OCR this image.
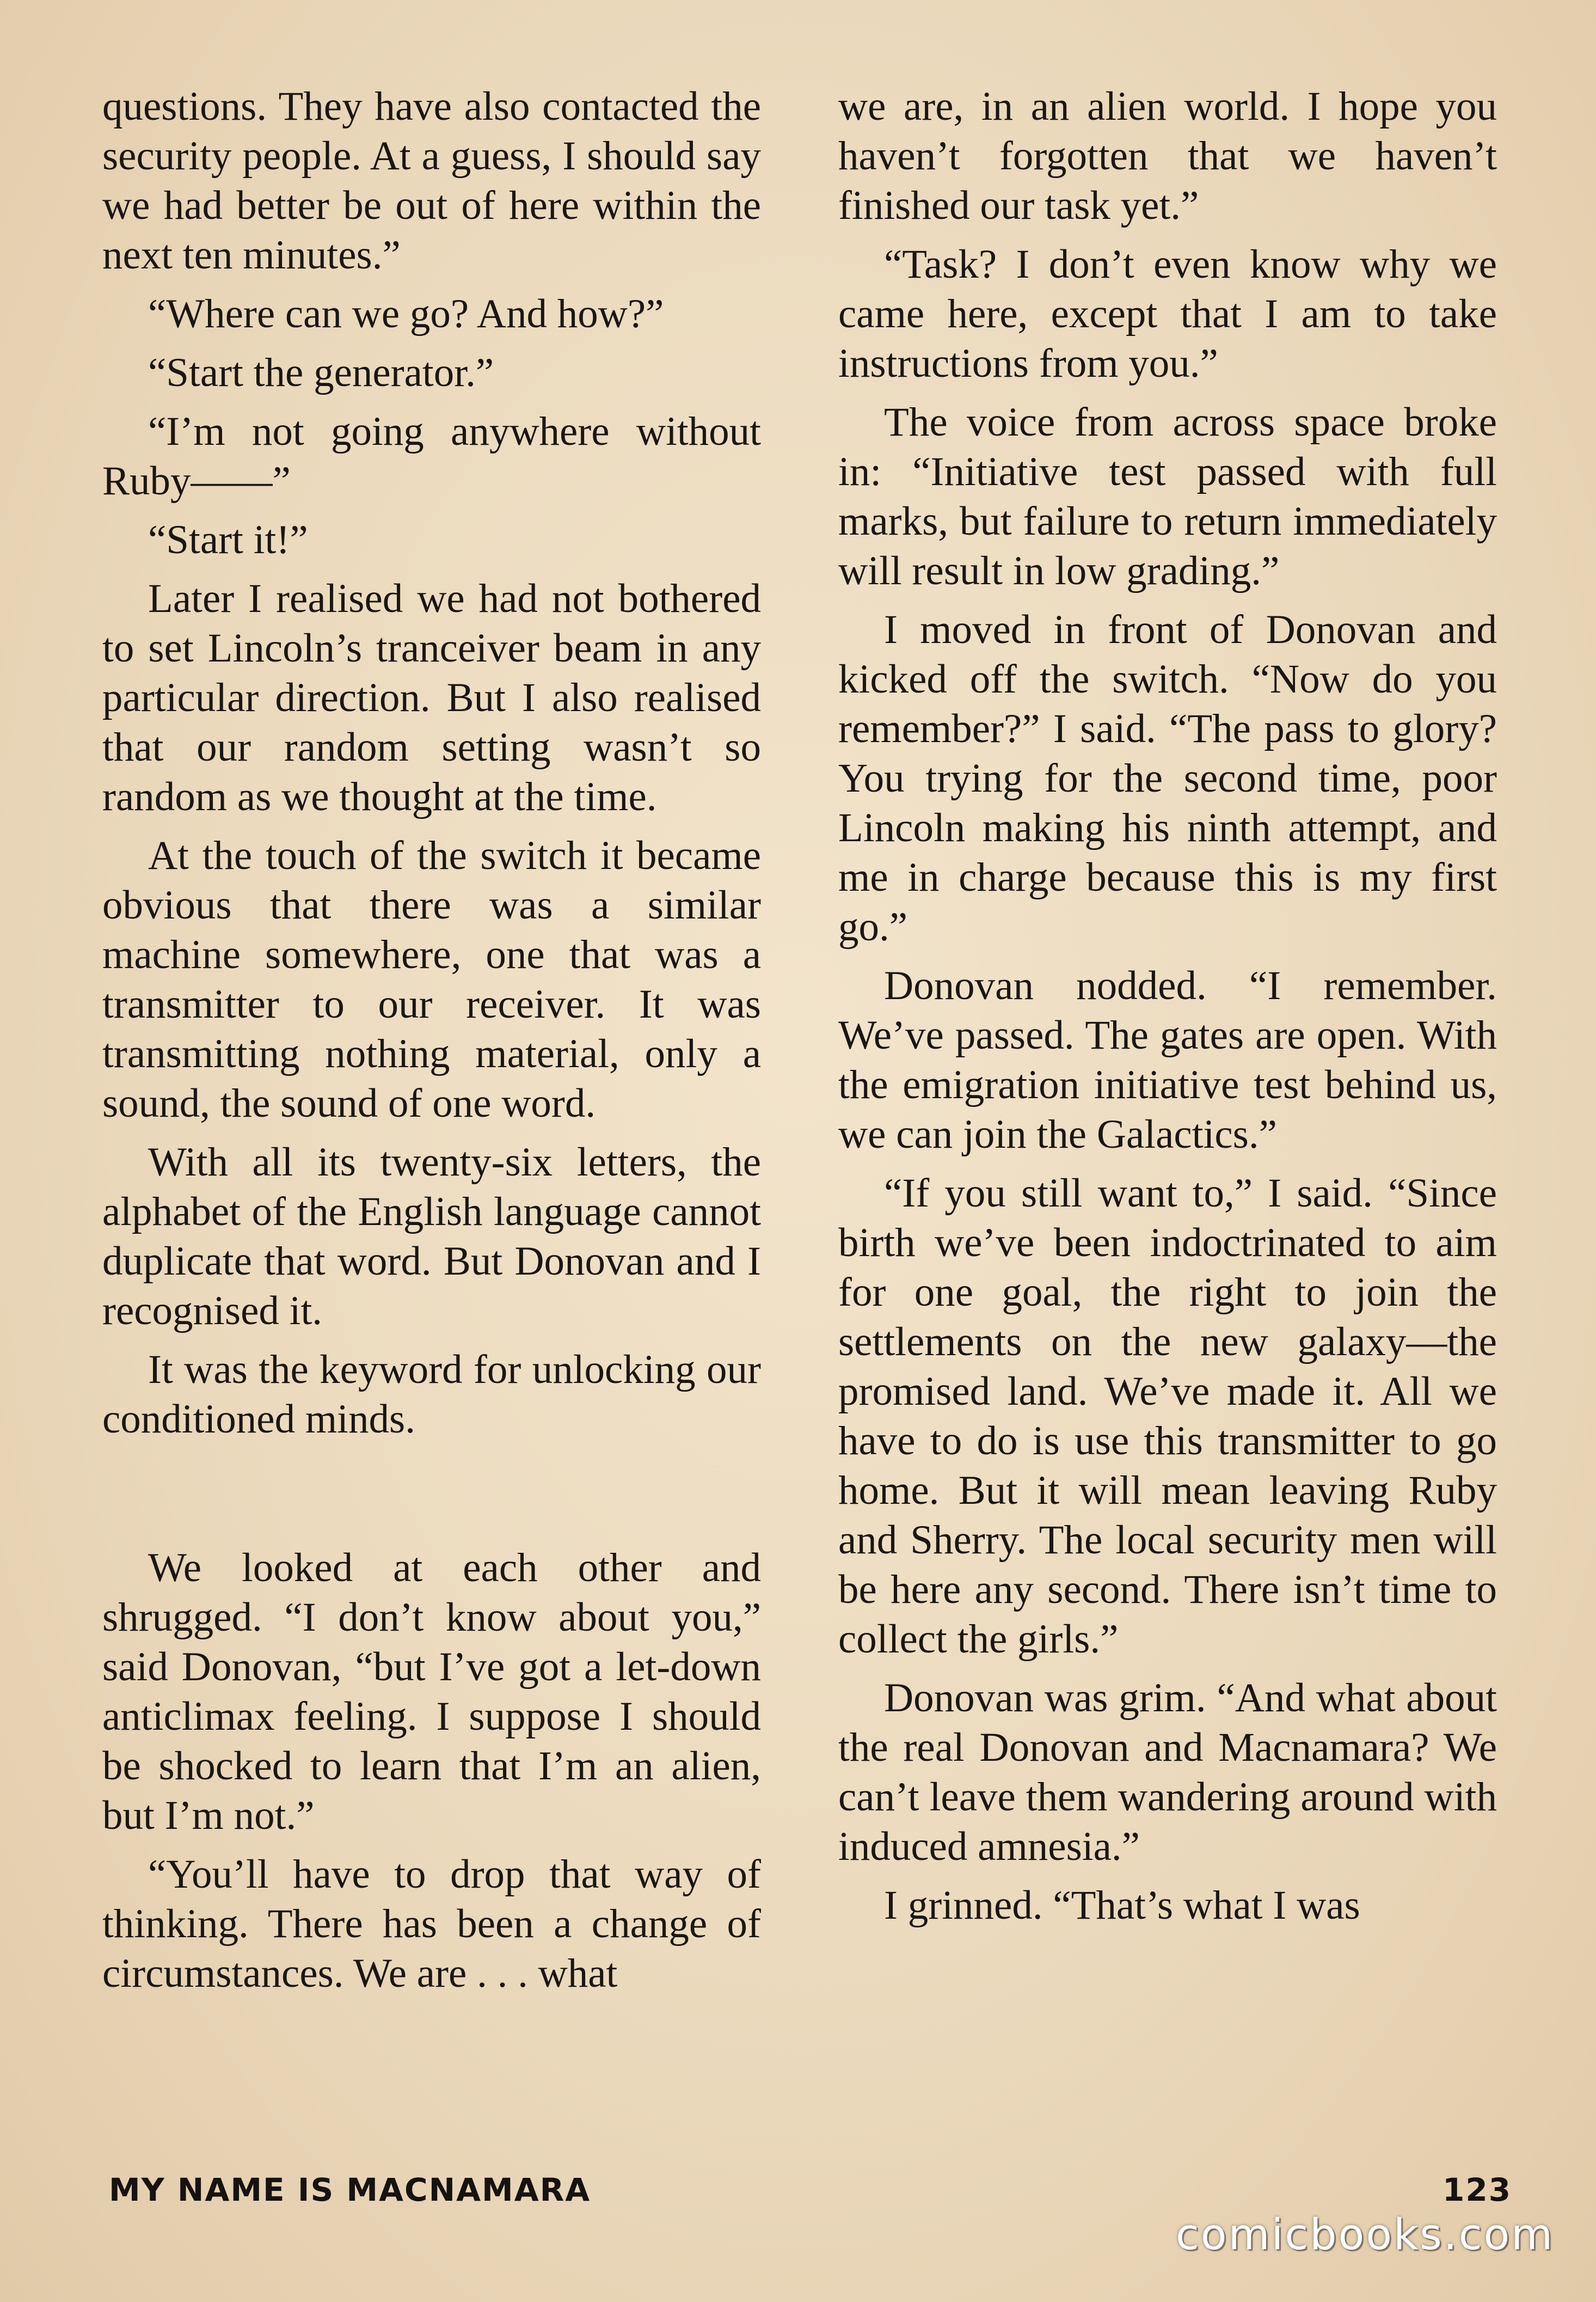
questions. They have also contacted the security people. At a guess, I should say we had better be out of here within the next ten minutes.”

“Where can we go? And how?”

“Start the generator.”

“I’m not going anywhere without Ruby——”

“Start it!”

Later I realised we had not bothered to set Lincoln’s tranceiver beam in any particular direction. But I also realised that our random setting wasn’t so random as we thought at the time.

At the touch of the switch it became obvious that there was a similar machine somewhere, one that was a transmitter to our receiver. It was transmitting nothing material, only a sound, the sound of one word.

With all its twenty-six letters, the alphabet of the English language cannot duplicate that word. But Donovan and I recognised it.

It was the keyword for unlocking our conditioned minds.

We looked at each other and shrugged. “I don’t know about you,” said Donovan, “but I’ve got a let-down anticlimax feeling. I suppose I should be shocked to learn that I’m an alien, but I’m not.”

“You’ll have to drop that way of thinking. There has been a change of circumstances. We are . . . what

we are, in an alien world. I hope you haven’t forgotten that we haven’t finished our task yet.”

“Task? I don’t even know why we came here, except that I am to take instructions from you.”

The voice from across space broke in: “Initiative test passed with full marks, but failure to return immediately will result in low grading.”

I moved in front of Donovan and kicked off the switch. “Now do you remember?” I said. “The pass to glory? You trying for the second time, poor Lincoln making his ninth attempt, and me in charge because this is my first go.”

Donovan nodded. “I remember. We’ve passed. The gates are open. With the emigration initiative test behind us, we can join the Galactics.”

“If you still want to,” I said. “Since birth we’ve been indoctrinated to aim for one goal, the right to join the settlements on the new galaxy—the promised land. We’ve made it. All we have to do is use this transmitter to go home. But it will mean leaving Ruby and Sherry. The local security men will be here any second. There isn’t time to collect the girls.”

Donovan was grim. “And what about the real Donovan and Macnamara? We can’t leave them wandering around with induced amnesia.”

I grinned. “That’s what I was

MY NAME IS MACNAMARA	123
comicbooks.com
